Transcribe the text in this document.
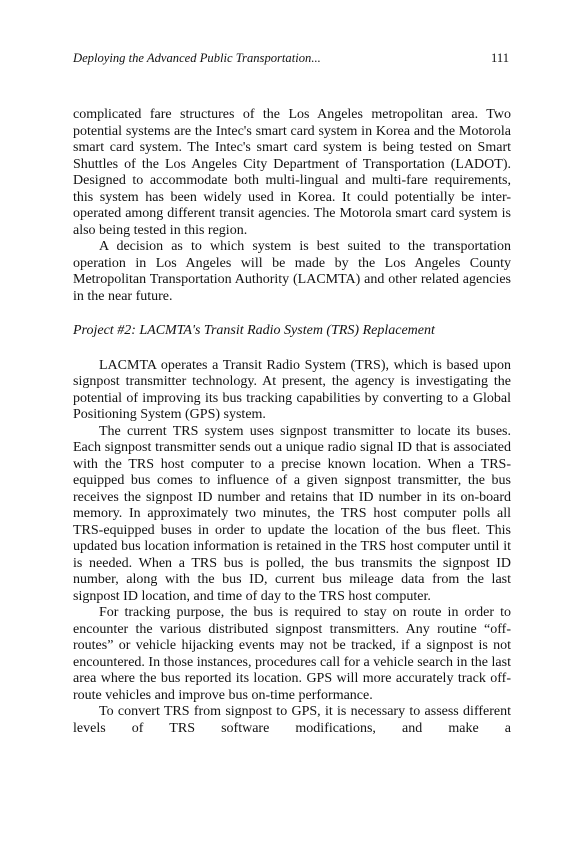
Deploying the Advanced Public Transportation...	111

complicated fare structures of the Los Angeles metropolitan area. Two potential systems are the Intec's smart card system in Korea and the Motorola smart card system. The Intec's smart card system is being tested on Smart Shuttles of the Los Angeles City Department of Transportation (LADOT). Designed to accommodate both multi-lingual and multi-fare requirements, this system has been widely used in Korea. It could potentially be inter-operated among different transit agencies. The Motorola smart card system is also being tested in this region.

A decision as to which system is best suited to the transportation operation in Los Angeles will be made by the Los Angeles County Metropolitan Transportation Authority (LACMTA) and other related agencies in the near future.

Project #2: LACMTA's Transit Radio System (TRS) Replacement

LACMTA operates a Transit Radio System (TRS), which is based upon signpost transmitter technology. At present, the agency is investigating the potential of improving its bus tracking capabilities by converting to a Global Positioning System (GPS) system.

The current TRS system uses signpost transmitter to locate its buses. Each signpost transmitter sends out a unique radio signal ID that is associated with the TRS host computer to a precise known location. When a TRS-equipped bus comes to influence of a given signpost transmitter, the bus receives the signpost ID number and retains that ID number in its on-board memory. In approximately two minutes, the TRS host computer polls all TRS-equipped buses in order to update the location of the bus fleet. This updated bus location information is retained in the TRS host computer until it is needed. When a TRS bus is polled, the bus transmits the signpost ID number, along with the bus ID, current bus mileage data from the last signpost ID location, and time of day to the TRS host computer.

For tracking purpose, the bus is required to stay on route in order to encounter the various distributed signpost transmitters. Any routine “off-routes” or vehicle hijacking events may not be tracked, if a signpost is not encountered. In those instances, procedures call for a vehicle search in the last area where the bus reported its location. GPS will more accurately track off-route vehicles and improve bus on-time performance.

To convert TRS from signpost to GPS, it is necessary to assess different levels of TRS software modifications, and make a
